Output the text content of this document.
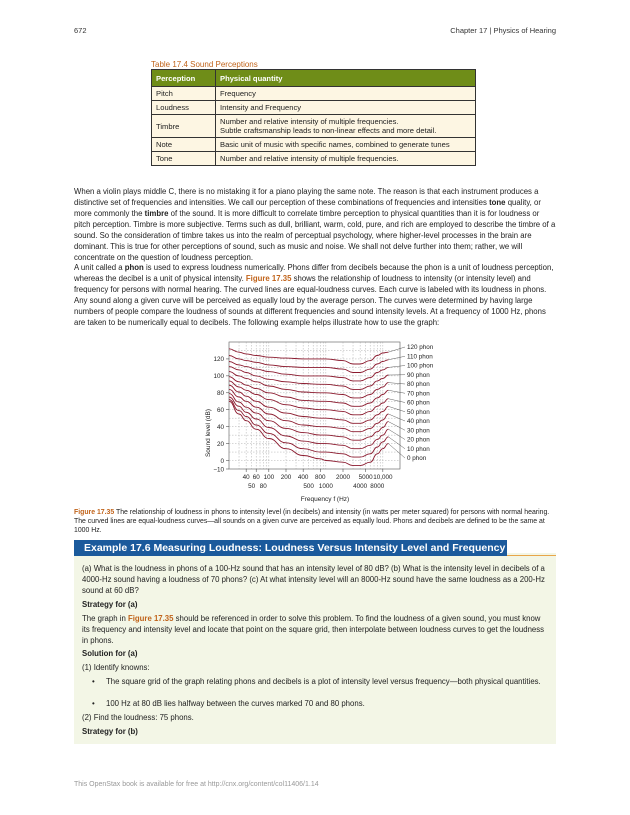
672	Chapter 17 | Physics of Hearing
Table 17.4 Sound Perceptions
Perception	Physical quantity
Pitch	Frequency
Loudness	Intensity and Frequency
Timbre	Number and relative intensity of multiple frequencies.
Subtle craftsmanship leads to non-linear effects and more detail.

Note	Basic unit of music with specific names, combined to generate tunes
Tone	Number and relative intensity of multiple frequencies.

When a violin plays middle C, there is no mistaking it for a piano playing the same note. The reason is that each instrument produces a distinctive set of frequencies and intensities. We call our perception of these combinations of frequencies and intensities tone quality, or more commonly the timbre of the sound. It is more difficult to correlate timbre perception to physical quantities than it is for loudness or pitch perception. Timbre is more subjective. Terms such as dull, brilliant, warm, cold, pure, and rich are employed to describe the timbre of a sound. So the consideration of timbre takes us into the realm of perceptual psychology, where higher-level processes in the brain are dominant. This is true for other perceptions of sound, such as music and noise. We shall not delve further into them; rather, we will concentrate on the question of loudness perception.

A unit called a phon is used to express loudness numerically. Phons differ from decibels because the phon is a unit of loudness perception, whereas the decibel is a unit of physical intensity. Figure 17.35 shows the relationship of loudness to intensity (or intensity level) and frequency for persons with normal hearing. The curved lines are equal-loudness curves. Each curve is labeled with its loudness in phons. Any sound along a given curve will be perceived as equally loud by the average person. The curves were determined by having large numbers of people compare the loudness of sounds at different frequencies and sound intensity levels. At a frequency of 1000 Hz, phons are taken to be numerically equal to decibels. The following example helps illustrate how to use the graph:

120
100
80
60
40
20
0
−10
40 60 100 200 400 800 2000 5000 10,000
50 80	500 1000	4000 8000
120 phon
110 phon
100 phon
90 phon
80 phon
70 phon
60 phon
50 phon
40 phon
30 phon
20 phon
10 phon
0 phon
Sound level (dB)
Frequency f (Hz)
Figure 17.35 The relationship of loudness in phons to intensity level (in decibels) and intensity (in watts per meter squared) for persons with normal hearing. The curved lines are equal-loudness curves—all sounds on a given curve are perceived as equally loud. Phons and decibels are defined to be the same at 1000 Hz.
Example 17.6 Measuring Loudness: Loudness Versus Intensity Level and Frequency

(a) What is the loudness in phons of a 100-Hz sound that has an intensity level of 80 dB? (b) What is the intensity level in decibels of a 4000-Hz sound having a loudness of 70 phons? (c) At what intensity level will an 8000-Hz sound have the same loudness as a 200-Hz sound at 60 dB?

Strategy for (a)

The graph in Figure 17.35 should be referenced in order to solve this problem. To find the loudness of a given sound, you must know its frequency and intensity level and locate that point on the square grid, then interpolate between loudness curves to get the loudness in phons.

Solution for (a)

(1) Identify knowns:

• The square grid of the graph relating phons and decibels is a plot of intensity level versus frequency—both physical quantities.
• 100 Hz at 80 dB lies halfway between the curves marked 70 and 80 phons.

(2) Find the loudness: 75 phons.

Strategy for (b)

This OpenStax book is available for free at http://cnx.org/content/col11406/1.14
